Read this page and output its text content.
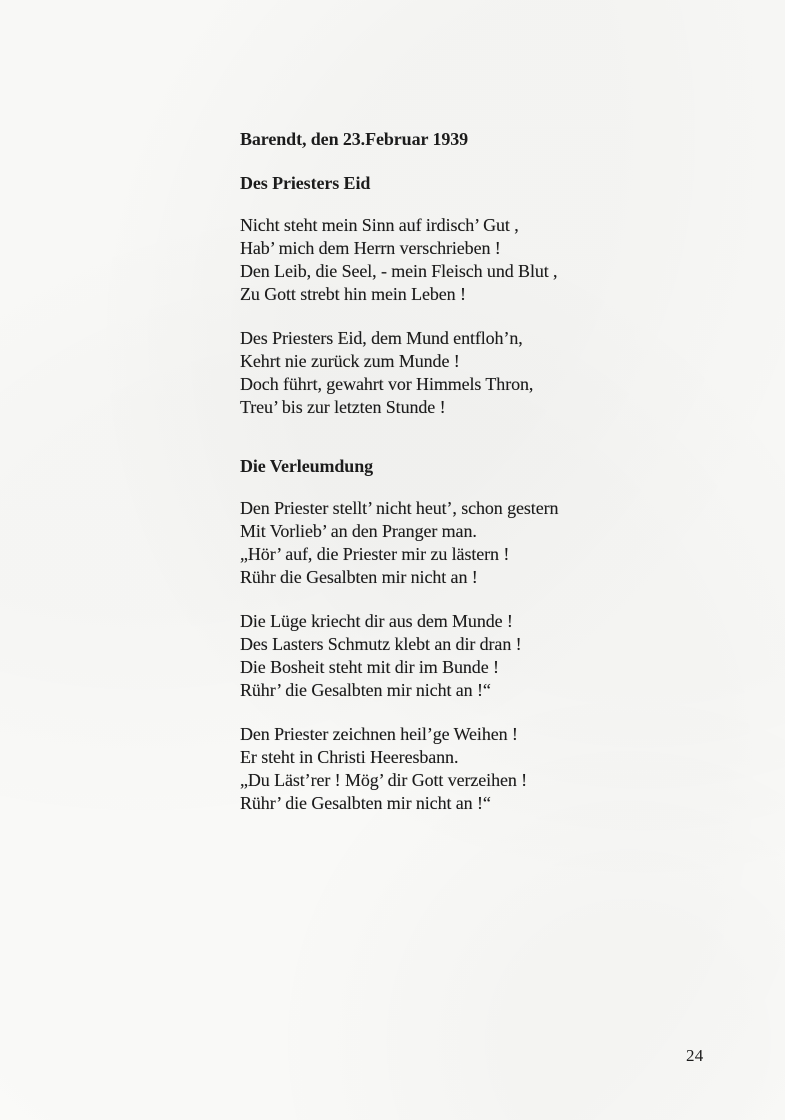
Barendt, den 23.Februar 1939
Des Priesters Eid
Nicht steht mein Sinn auf irdisch’ Gut ,
Hab’ mich dem Herrn verschrieben !
Den Leib, die Seel, - mein Fleisch und Blut ,
Zu Gott strebt hin mein Leben !
Des Priesters Eid, dem Mund entfloh’n,
Kehrt nie zurück zum Munde !
Doch führt, gewahrt vor Himmels Thron,
Treu’ bis zur letzten Stunde !
Die Verleumdung
Den Priester stellt’ nicht heut’, schon gestern
Mit Vorlieb’ an den Pranger man.
„Hör’ auf, die Priester mir zu lästern !
Rühr die Gesalbten mir nicht an !
Die Lüge kriecht dir aus dem Munde !
Des Lasters Schmutz klebt an dir dran !
Die Bosheit steht mit dir im Bunde !
Rühr’ die Gesalbten mir nicht an !“
Den Priester zeichnen heil’ge Weihen !
Er steht in Christi Heeresbann.
„Du Läst’rer ! Mög’ dir Gott verzeihen !
Rühr’ die Gesalbten mir nicht an !“
24
